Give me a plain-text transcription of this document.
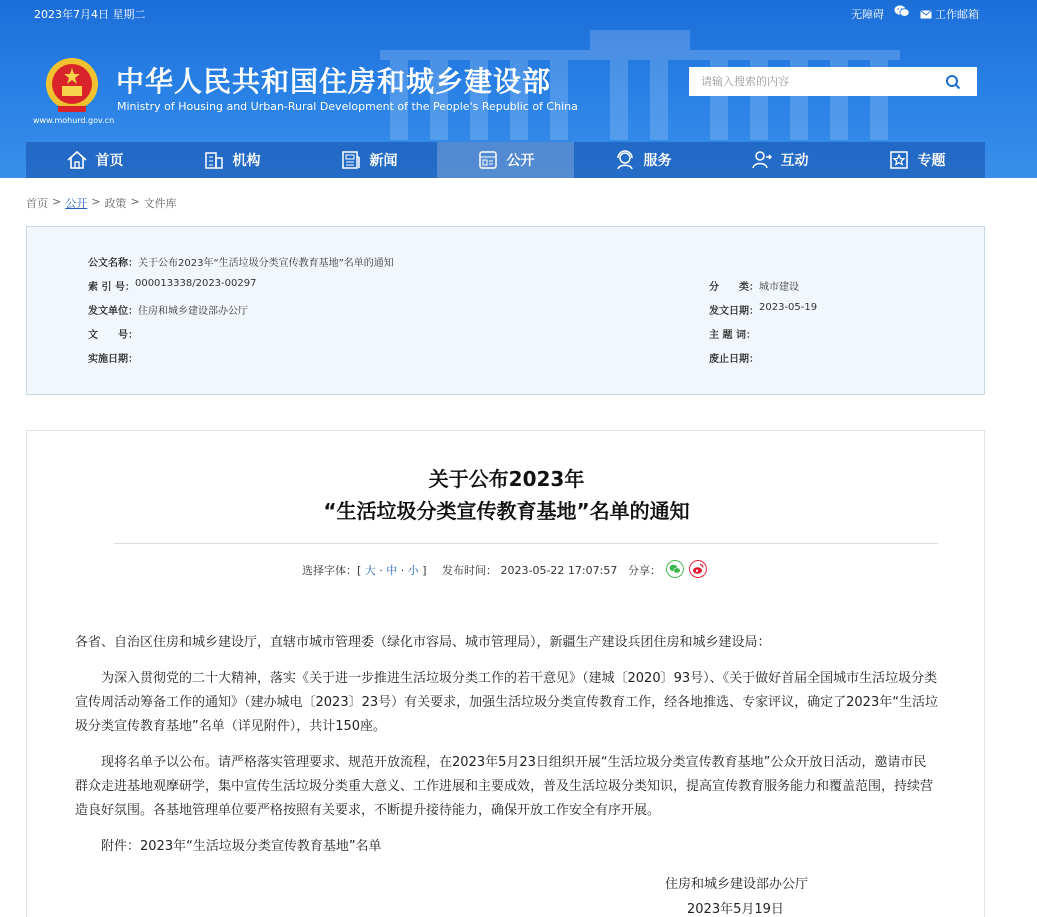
2023年7月4日 星期二	无障碍	工作邮箱
www.mohurd.gov.cn
中华人民共和国住房和城乡建设部
Ministry of Housing and Urban-Rural Development of the People's Republic of China
请输入搜索的内容
首页	机构	新闻	公开	服务	互动	专题
首页 > 公开 > 政策 > 文件库
公文名称： 关于公布2023年“生活垃圾分类宣传教育基地”名单的通知
索 引 号： 000013338/2023-00297	分　　类： 城市建设
发文单位： 住房和城乡建设部办公厅	发文日期： 2023-05-19
文　　号：	主 题 词：
实施日期：	废止日期：
关于公布2023年
“生活垃圾分类宣传教育基地”名单的通知
选择字体：[ 大 · 中 · 小 ] 发布时间： 2023-05-22 17:07:57 分享：
各省、自治区住房和城乡建设厅，直辖市城市管理委（绿化市容局、城市管理局），新疆生产建设兵团住房和城乡建设局：
为深入贯彻党的二十大精神，落实《关于进一步推进生活垃圾分类工作的若干意见》（建城〔2020〕93号）、《关于做好首届全国城市生活垃圾分类宣传周活动筹备工作的通知》（建办城电〔2023〕23号）有关要求，加强生活垃圾分类宣传教育工作，经各地推选、专家评议，确定了2023年“生活垃圾分类宣传教育基地”名单（详见附件），共计150座。
现将名单予以公布。请严格落实管理要求、规范开放流程，在2023年5月23日组织开展“生活垃圾分类宣传教育基地”公众开放日活动，邀请市民群众走进基地观摩研学，集中宣传生活垃圾分类重大意义、工作进展和主要成效，普及生活垃圾分类知识，提高宣传教育服务能力和覆盖范围，持续营造良好氛围。各基地管理单位要严格按照有关要求，不断提升接待能力，确保开放工作安全有序开展。
附件：2023年“生活垃圾分类宣传教育基地”名单
住房和城乡建设部办公厅
2023年5月19日
